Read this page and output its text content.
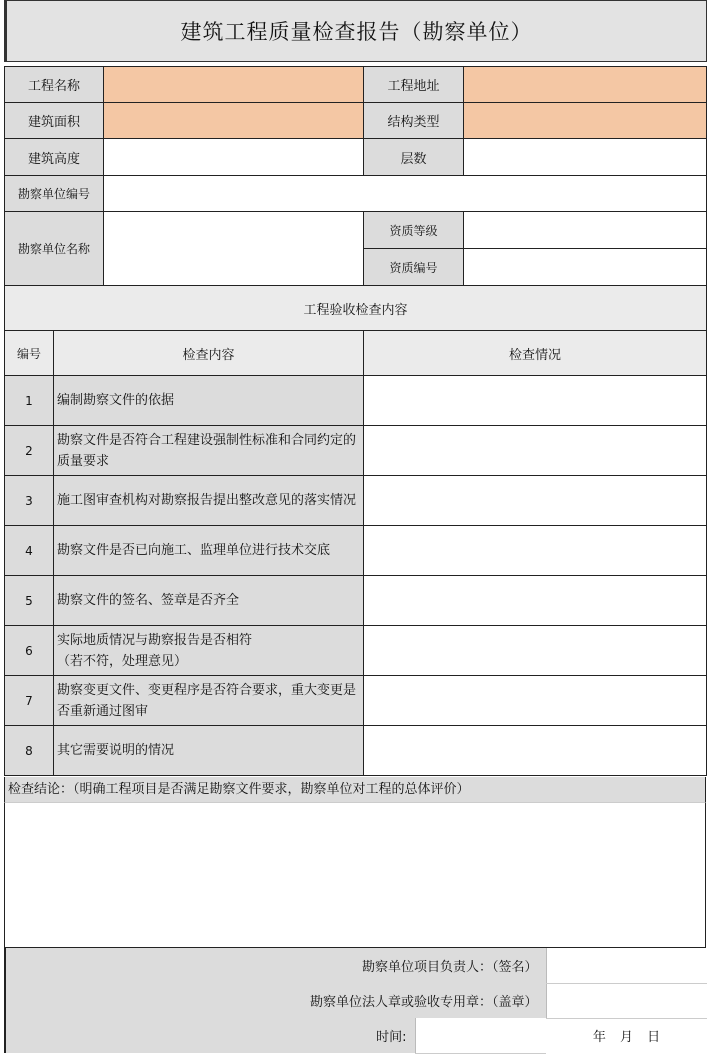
建筑工程质量检查报告（勘察单位）
工程名称			工程地址	
建筑面积			结构类型	
建筑高度			层数	
勘察单位编号				
勘察单位名称			资质等级	
			资质编号	
工程验收检查内容				
编号	检查内容		检查情况	
1	编制勘察文件的依据			

2	勘察文件是否符合工程建设强制性标准和合同约定的
质量要求			

3	施工图审查机构对勘察报告提出整改意见的落实情况			

4	勘察文件是否已向施工、监理单位进行技术交底			

5	勘察文件的签名、签章是否齐全			

6	实际地质情况与勘察报告是否相符
（若不符，处理意见）			

7	勘察变更文件、变更程序是否符合要求，重大变更是
否重新通过图审			

8	其它需要说明的情况			

检查结论：（明确工程项目是否满足勘察文件要求，勘察单位对工程的总体评价）
勘察单位项目负责人：（签名）		
勘察单位法人章或验收专用章：（盖章）		
时间:		年 月 日
